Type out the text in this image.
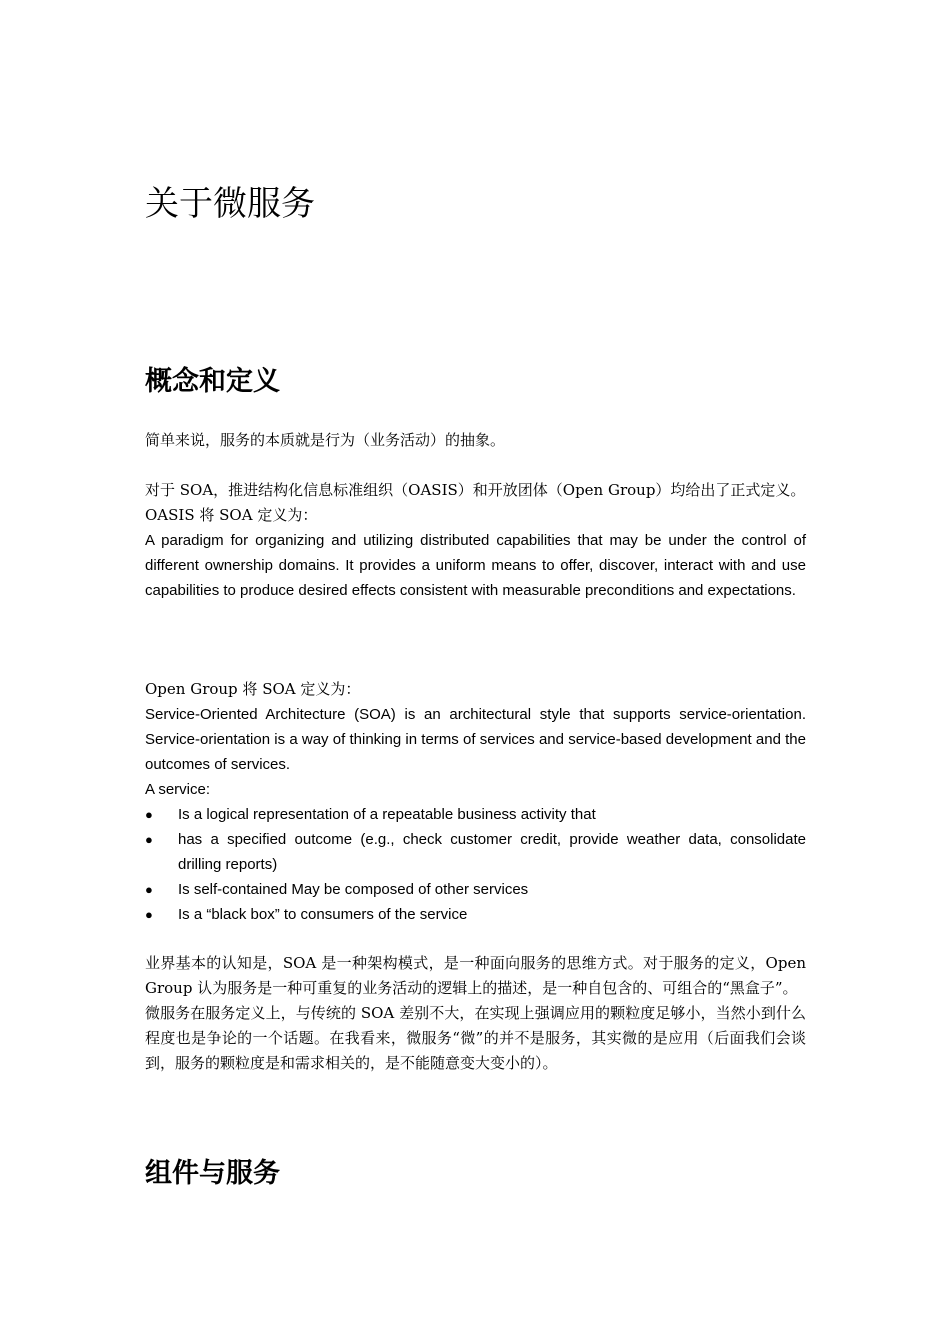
关于微服务
概念和定义

简单来说，服务的本质就是行为（业务活动）的抽象。

对于 SOA，推进结构化信息标准组织（OASIS）和开放团体（Open Group）均给出了正式定义。

OASIS 将 SOA 定义为：

A paradigm for organizing and utilizing distributed capabilities that may be under the control of different ownership domains. It provides a uniform means to offer, discover, interact with and use capabilities to produce desired effects consistent with measurable preconditions and expectations.

Open Group 将 SOA 定义为：

Service-Oriented Architecture (SOA) is an architectural style that supports service-orientation. Service-orientation is a way of thinking in terms of services and service-based development and the outcomes of services.

A service:

●	Is a logical representation of a repeatable business activity that
●	has a specified outcome (e.g., check customer credit, provide weather data, consolidate drilling reports)
●	Is self-contained May be composed of other services
●	Is a “black box” to consumers of the service

业界基本的认知是，SOA 是一种架构模式，是一种面向服务的思维方式。对于服务的定义，Open Group 认为服务是一种可重复的业务活动的逻辑上的描述，是一种自包含的、可组合的“黑盒子”。

微服务在服务定义上，与传统的 SOA 差别不大，在实现上强调应用的颗粒度足够小，当然小到什么程度也是争论的一个话题。在我看来，微服务“微”的并不是服务，其实微的是应用（后面我们会谈到，服务的颗粒度是和需求相关的，是不能随意变大变小的）。

组件与服务
